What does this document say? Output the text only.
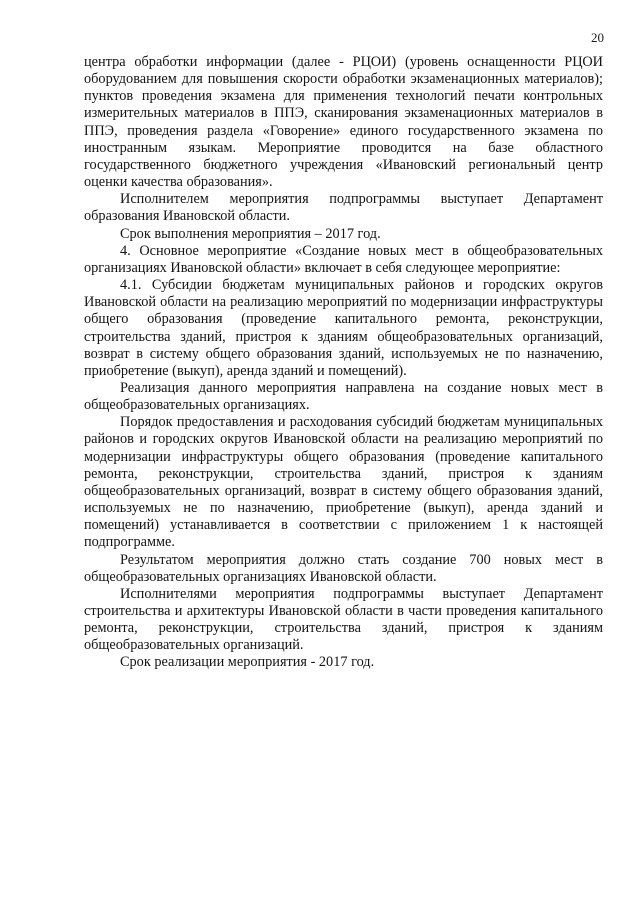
20

центра обработки информации (далее - РЦОИ) (уровень оснащенности РЦОИ оборудованием для повышения скорости обработки экзаменационных материалов); пунктов проведения экзамена для применения технологий печати контрольных измерительных материалов в ППЭ, сканирования экзаменационных материалов в ППЭ, проведения раздела «Говорение» единого государственного экзамена по иностранным языкам. Мероприятие проводится на базе областного государственного бюджетного учреждения «Ивановский региональный центр оценки качества образования».

Исполнителем мероприятия подпрограммы выступает Департамент образования Ивановской области.

Срок выполнения мероприятия – 2017 год.

4. Основное мероприятие «Создание новых мест в общеобразовательных организациях Ивановской области» включает в себя следующее мероприятие:

4.1. Субсидии бюджетам муниципальных районов и городских округов Ивановской области на реализацию мероприятий по модернизации инфраструктуры общего образования (проведение капитального ремонта, реконструкции, строительства зданий, пристроя к зданиям общеобразовательных организаций, возврат в систему общего образования зданий, используемых не по назначению, приобретение (выкуп), аренда зданий и помещений).

Реализация данного мероприятия направлена на создание новых мест в общеобразовательных организациях.

Порядок предоставления и расходования субсидий бюджетам муниципальных районов и городских округов Ивановской области на реализацию мероприятий по модернизации инфраструктуры общего образования (проведение капитального ремонта, реконструкции, строительства зданий, пристроя к зданиям общеобразовательных организаций, возврат в систему общего образования зданий, используемых не по назначению, приобретение (выкуп), аренда зданий и помещений) устанавливается в соответствии с приложением 1 к настоящей подпрограмме.

Результатом мероприятия должно стать создание 700 новых мест в общеобразовательных организациях Ивановской области.

Исполнителями мероприятия подпрограммы выступает Департамент строительства и архитектуры Ивановской области в части проведения капитального ремонта, реконструкции, строительства зданий, пристроя к зданиям общеобразовательных организаций.

Срок реализации мероприятия - 2017 год.
